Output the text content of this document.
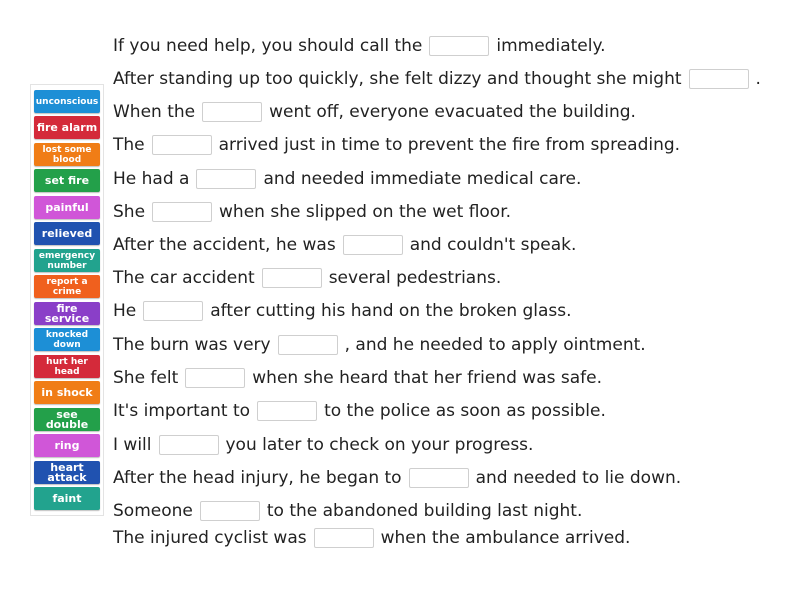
unconscious
fire alarm
lost some blood
set fire
painful
relieved
emergency number
report a crime
fire service
knocked down
hurt her head
in shock
see double
ring
heart attack
faint
If you need help, you should call the	immediately.
After standing up too quickly, she felt dizzy and thought she might	.
When the	went off, everyone evacuated the building.
The	arrived just in time to prevent the fire from spreading.
He had a	and needed immediate medical care.
She	when she slipped on the wet floor.
After the accident, he was	and couldn't speak.
The car accident	several pedestrians.
He	after cutting his hand on the broken glass.
The burn was very	, and he needed to apply ointment.
She felt	when she heard that her friend was safe.
It's important to	to the police as soon as possible.
I will	you later to check on your progress.
After the head injury, he began to	and needed to lie down.
Someone	to the abandoned building last night.
The injured cyclist was	when the ambulance arrived.
